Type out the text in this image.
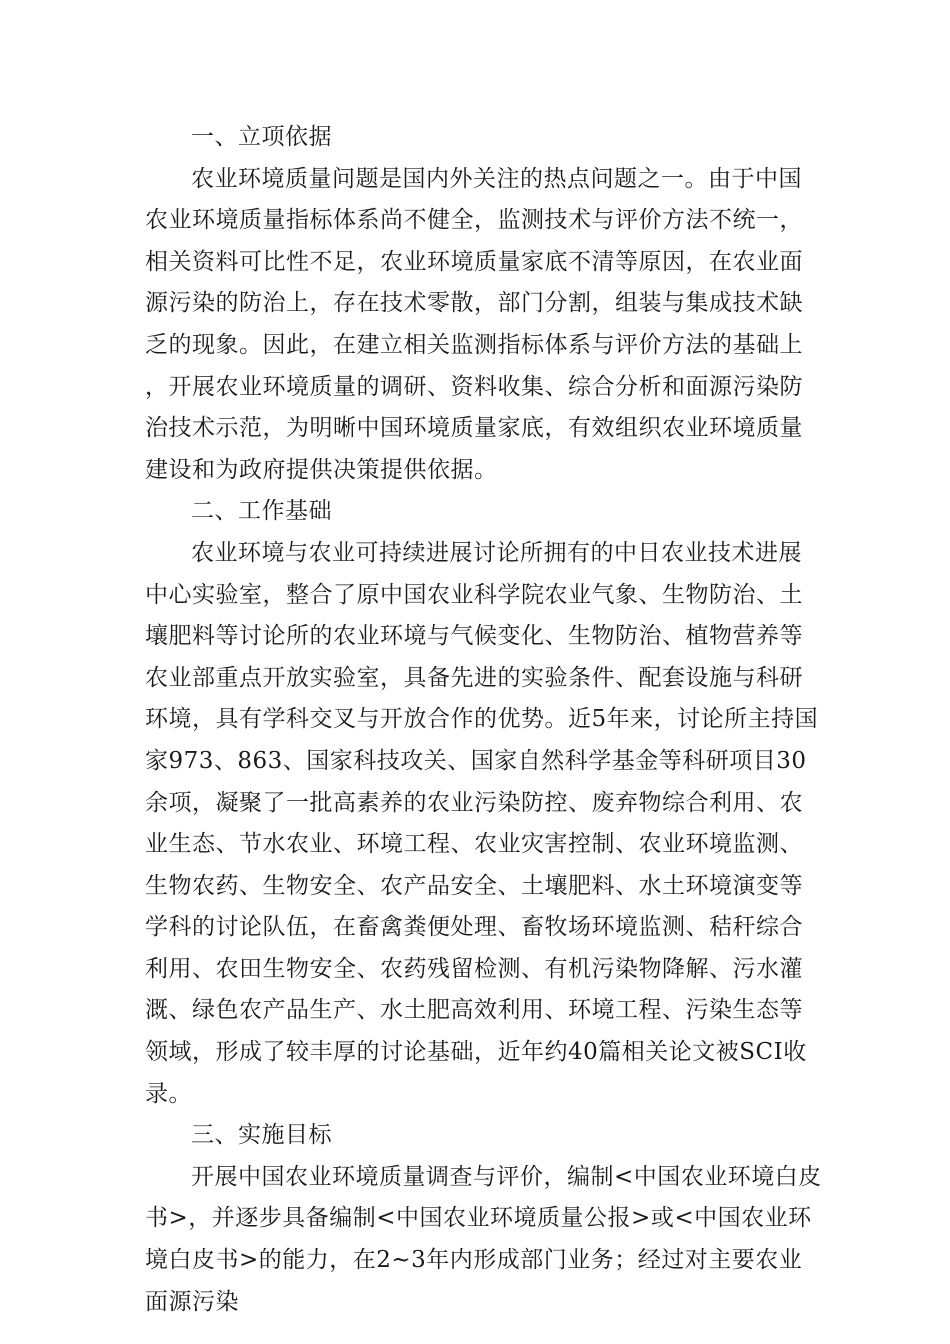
一、立项依据

农业环境质量问题是国内外关注的热点问题之一。由于中国农业环境质量指标体系尚不健全，监测技术与评价方法不统一，相关资料可比性不足，农业环境质量家底不清等原因，在农业面源污染的防治上，存在技术零散，部门分割，组装与集成技术缺乏的现象。因此，在建立相关监测指标体系与评价方法的基础上，开展农业环境质量的调研、资料收集、综合分析和面源污染防治技术示范，为明晰中国环境质量家底，有效组织农业环境质量建设和为政府提供决策提供依据。

二、工作基础

农业环境与农业可持续进展讨论所拥有的中日农业技术进展中心实验室，整合了原中国农业科学院农业气象、生物防治、土壤肥料等讨论所的农业环境与气候变化、生物防治、植物营养等农业部重点开放实验室，具备先进的实验条件、配套设施与科研环境，具有学科交叉与开放合作的优势。近5年来，讨论所主持国家973、863、国家科技攻关、国家自然科学基金等科研项目30余项，凝聚了一批高素养的农业污染防控、废弃物综合利用、农业生态、节水农业、环境工程、农业灾害控制、农业环境监测、生物农药、生物安全、农产品安全、土壤肥料、水土环境演变等学科的讨论队伍，在畜禽粪便处理、畜牧场环境监测、秸秆综合利用、农田生物安全、农药残留检测、有机污染物降解、污水灌溉、绿色农产品生产、水土肥高效利用、环境工程、污染生态等领域，形成了较丰厚的讨论基础，近年约40篇相关论文被SCI收录。

三、实施目标

开展中国农业环境质量调查与评价，编制<中国农业环境白皮书>，并逐步具备编制<中国农业环境质量公报>或<中国农业环境白皮书>的能力，在2~3年内形成部门业务；经过对主要农业面源污染
